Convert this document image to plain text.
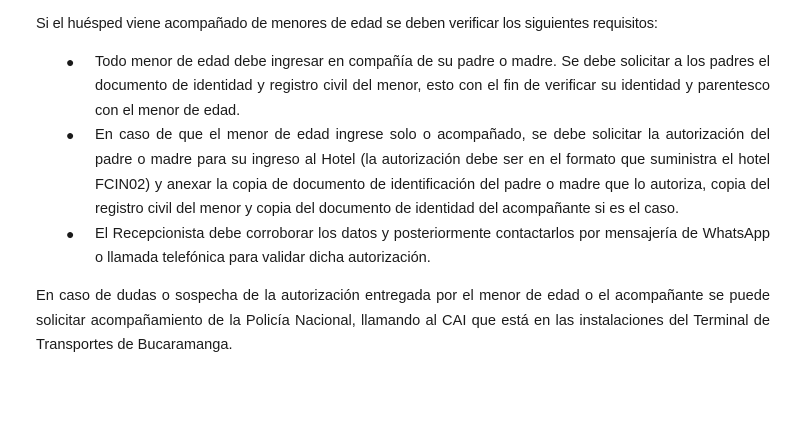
Si el huésped viene acompañado de menores de edad se deben verificar los siguientes requisitos:

● Todo menor de edad debe ingresar en compañía de su padre o madre. Se debe solicitar a los padres el documento de identidad y registro civil del menor, esto con el fin de verificar su identidad y parentesco con el menor de edad.
● En caso de que el menor de edad ingrese solo o acompañado, se debe solicitar la autorización del padre o madre para su ingreso al Hotel (la autorización debe ser en el formato que suministra el hotel FCIN02) y anexar la copia de documento de identificación del padre o madre que lo autoriza, copia del registro civil del menor y copia del documento de identidad del acompañante si es el caso.
● El Recepcionista debe corroborar los datos y posteriormente contactarlos por mensajería de WhatsApp o llamada telefónica para validar dicha autorización.

En caso de dudas o sospecha de la autorización entregada por el menor de edad o el acompañante se puede solicitar acompañamiento de la Policía Nacional, llamando al CAI que está en las instalaciones del Terminal de Transportes de Bucaramanga.
